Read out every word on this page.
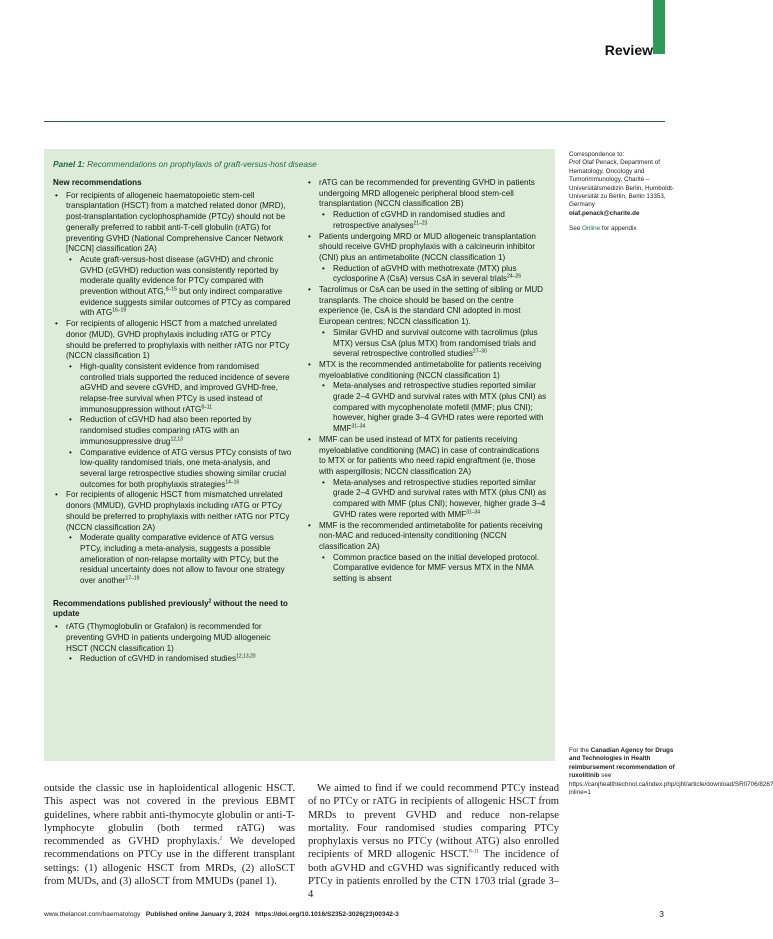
Review
Panel 1: Recommendations on prophylaxis of graft-versus-host disease
New recommendations
• For recipients of allogeneic haematopoietic stem-cell transplantation (HSCT) from a matched related donor (MRD), post-transplantation cyclophosphamide (PTCy) should not be generally preferred to rabbit anti-T-cell globulin (rATG) for preventing GVHD (National Comprehensive Cancer Network [NCCN] classification 2A)
• Acute graft-versus-host disease (aGVHD) and chronic GVHD (cGVHD) reduction was consistently reported by moderate quality evidence for PTCy compared with prevention without ATG,$^{8-15}$ but only indirect comparative evidence suggests similar outcomes of PTCy as compared with ATG$^{16-19}$
• For recipients of allogenic HSCT from a matched unrelated donor (MUD), GVHD prophylaxis including rATG or PTCy should be preferred to prophylaxis with neither rATG nor PTCy (NCCN classification 1)
• High-quality consistent evidence from randomised controlled trials supported the reduced incidence of severe aGVHD and severe cGVHD, and improved GVHD-free, relapse-free survival when PTCy is used instead of immunosuppression without rATG$^{8-11}$
• Reduction of cGVHD had also been reported by randomised studies comparing rATG with an immunosuppressive drug$^{12,13}$
• Comparative evidence of ATG versus PTCy consists of two low-quality randomised trials, one meta-analysis, and several large retrospective studies showing similar crucial outcomes for both prophylaxis strategies$^{14-16}$
• For recipients of allogenic HSCT from mismatched unrelated donors (MMUD), GVHD prophylaxis including rATG or PTCy should be preferred to prophylaxis with neither rATG nor PTCy (NCCN classification 2A)
• Moderate quality comparative evidence of ATG versus PTCy, including a meta-analysis, suggests a possible amelioration of non-relapse mortality with PTCy, but the residual uncertainty does not allow to favour one strategy over another$^{17-19}$
Recommendations published previously$^2$ without the need to update
• rATG (Thymoglobulin or Grafalon) is recommended for preventing GVHD in patients undergoing MUD allogeneic HSCT (NCCN classification 1)
• Reduction of cGVHD in randomised studies$^{12,13,20}$
• rATG can be recommended for preventing GVHD in patients undergoing MRD allogeneic peripheral blood stem-cell transplantation (NCCN classification 2B)
• Reduction of cGVHD in randomised studies and retrospective analyses$^{21-23}$
• Patients undergoing MRD or MUD allogeneic transplantation should receive GVHD prophylaxis with a calcineurin inhibitor (CNI) plus an antimetabolite (NCCN classification 1)
• Reduction of aGVHD with methotrexate (MTX) plus cyclosporine A (CsA) versus CsA in several trials$^{24-26}$
• Tacrolimus or CsA can be used in the setting of sibling or MUD transplants. The choice should be based on the centre experience (ie, CsA is the standard CNI adopted in most European centres; NCCN classification 1).
• Similar GVHD and survival outcome with tacrolimus (plus MTX) versus CsA (plus MTX) from randomised trials and several retrospective controlled studies$^{27-30}$
• MTX is the recommended antimetabolite for patients receiving myeloablative conditioning (NCCN classification 1)
• Meta-analyses and retrospective studies reported similar grade 2–4 GVHD and survival rates with MTX (plus CNI) as compared with mycophenolate mofetil (MMF; plus CNI); however, higher grade 3–4 GVHD rates were reported with MMF$^{31-34}$
• MMF can be used instead of MTX for patients receiving myeloablative conditioning (MAC) in case of contraindications to MTX or for patients who need rapid engraftment (ie, those with aspergillosis; NCCN classification 2A)
• Meta-analyses and retrospective studies reported similar grade 2–4 GVHD and survival rates with MTX (plus CNI) as compared with MMF (plus CNI); however, higher grade 3–4 GVHD rates were reported with MMF$^{31-34}$
• MMF is the recommended antimetabolite for patients receiving non-MAC and reduced-intensity conditioning (NCCN classification 2A)
• Common practice based on the initial developed protocol. Comparative evidence for MMF versus MTX in the NMA setting is absent
Correspondence to:
Prof Olaf Penack, Department of Hematology, Oncology and Tumorimmunology, Charité – Universitätsmedizin Berlin, Humboldt-Universität zu Berlin, Berlin 13353, Germany
olaf.penack@charite.de
See Online for appendix
For the Canadian Agency for Drugs and Technologies in Health reimbursement recommendation of ruxolitinib see https://canjhealthtechnol.ca/index.php/cjht/article/download/SR0706/826?inline=1
outside the classic use in haploidentical allogenic HSCT. This aspect was not covered in the previous EBMT guidelines, where rabbit anti-thymocyte globulin or anti-T-lymphocyte globulin (both termed rATG) was recommended as GVHD prophylaxis.$^2$ We developed recommendations on PTCy use in the different transplant settings: (1) allogenic HSCT from MRDs, (2) alloSCT from MUDs, and (3) alloSCT from MMUDs (panel 1).
We aimed to find if we could recommend PTCy instead of no PTCy or rATG in recipients of allogenic HSCT from MRDs to prevent GVHD and reduce non-relapse mortality. Four randomised studies comparing PTCy prophylaxis versus no PTCy (without ATG) also enrolled recipients of MRD allogenic HSCT.$^{8-11}$ The incidence of both aGVHD and cGVHD was significantly reduced with PTCy in patients enrolled by the CTN 1703 trial (grade 3–4
www.thelancet.com/haematology Published online January 3, 2024 https://doi.org/10.1016/S2352-3026(23)00342-3	3
